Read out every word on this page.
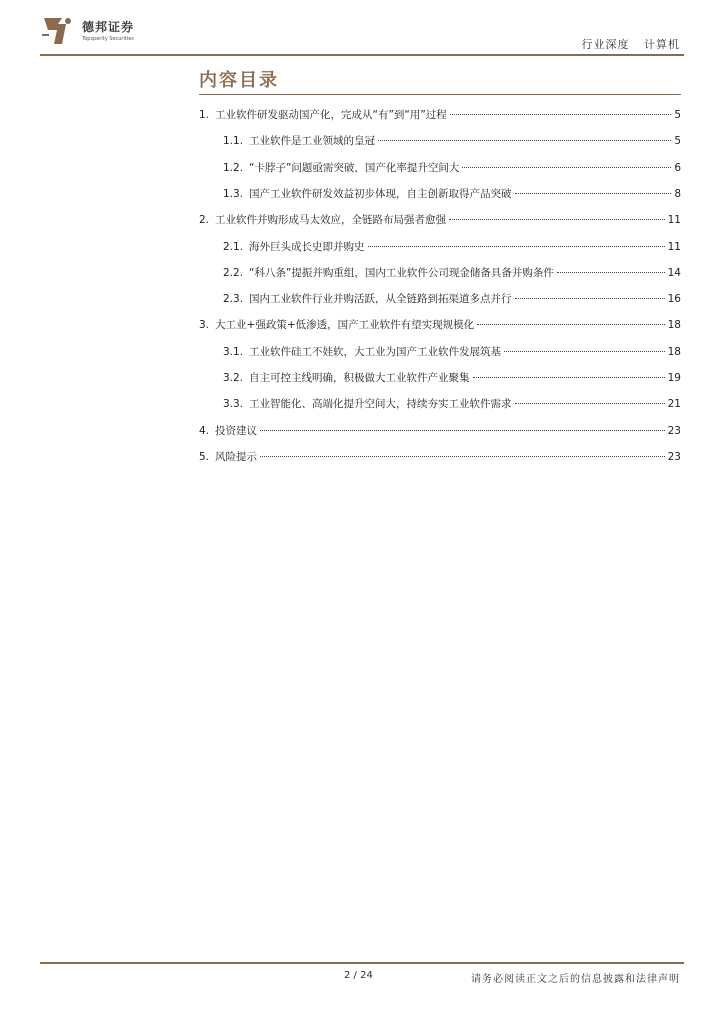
德邦证券
Topsperity Securities	行业深度 计算机
内容目录
1. 工业软件研发驱动国产化，完成从“有”到“用”过程	5
1.1. 工业软件是工业领域的皇冠	5
1.2. “卡脖子”问题亟需突破，国产化率提升空间大	6
1.3. 国产工业软件研发效益初步体现，自主创新取得产品突破	8
2. 工业软件并购形成马太效应，全链路布局强者愈强	11
2.1. 海外巨头成长史即并购史	11
2.2. “科八条”提振并购重组，国内工业软件公司现金储备具备并购条件	14
2.3. 国内工业软件行业并购活跃，从全链路到拓渠道多点并行	16
3. 大工业+强政策+低渗透，国产工业软件有望实现规模化	18
3.1. 工业软件硅工不娃软，大工业为国产工业软件发展筑基	18
3.2. 自主可控主线明确，积极做大工业软件产业聚集	19
3.3. 工业智能化、高端化提升空间大，持续夯实工业软件需求	21
4. 投资建议	23
5. 风险提示	23
2 / 24	请务必阅读正文之后的信息披露和法律声明
